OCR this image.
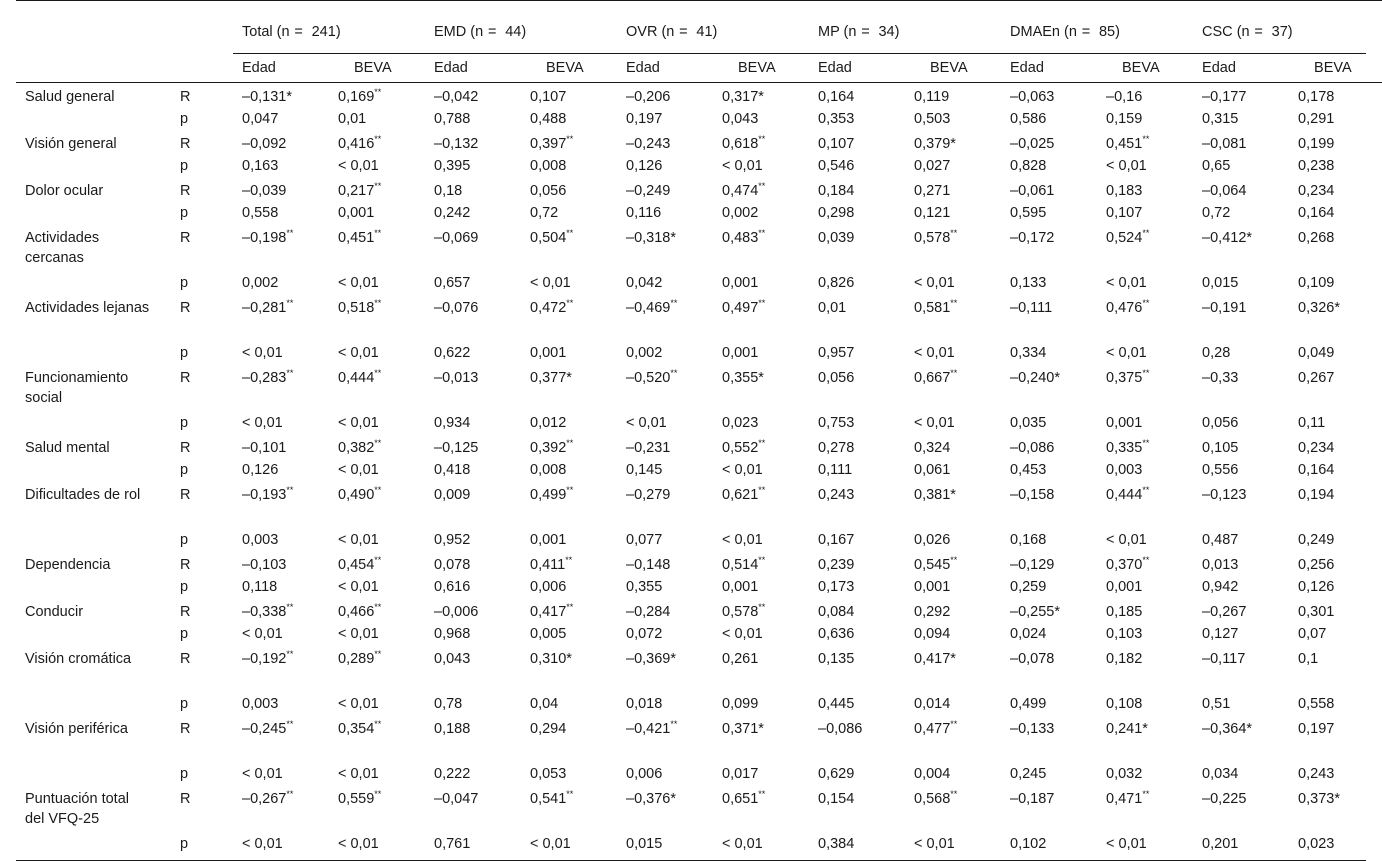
		Total (n = 241)		EMD (n = 44)		OVR (n = 41)		MP (n = 34)		DMAEn (n = 85)		CSC (n = 37)		
		Edad	BEVA	Edad	BEVA	Edad	BEVA	Edad	BEVA	Edad	BEVA	Edad	BEVA	

Salud general	R	–0,131*	0,169**	–0,042	0,107	–0,206	0,317*	0,164	0,119	–0,063	–0,16	–0,177	0,178	
	p	0,047	0,01	0,788	0,488	0,197	0,043	0,353	0,503	0,586	0,159	0,315	0,291	

Visión general	R	–0,092	0,416**	–0,132	0,397**	–0,243	0,618**	0,107	0,379*	–0,025	0,451**	–0,081	0,199	
	p	0,163	< 0,01	0,395	0,008	0,126	< 0,01	0,546	0,027	0,828	< 0,01	0,65	0,238	

Dolor ocular	R	–0,039	0,217**	0,18	0,056	–0,249	0,474**	0,184	0,271	–0,061	0,183	–0,064	0,234	
	p	0,558	0,001	0,242	0,72	0,116	0,002	0,298	0,121	0,595	0,107	0,72	0,164	

Actividades cercanas	R	–0,198**	0,451**	–0,069	0,504**	–0,318*	0,483**	0,039	0,578**	–0,172	0,524**	–0,412*	0,268	
	p	0,002	< 0,01	0,657	< 0,01	0,042	0,001	0,826	< 0,01	0,133	< 0,01	0,015	0,109	

Actividades lejanas	R	–0,281**	0,518**	–0,076	0,472**	–0,469**	0,497**	0,01	0,581**	–0,111	0,476**	–0,191	0,326*	
	p	< 0,01	< 0,01	0,622	0,001	0,002	0,001	0,957	< 0,01	0,334	< 0,01	0,28	0,049	

Funcionamiento social	R	–0,283**	0,444**	–0,013	0,377*	–0,520**	0,355*	0,056	0,667**	–0,240*	0,375**	–0,33	0,267	
	p	< 0,01	< 0,01	0,934	0,012	< 0,01	0,023	0,753	< 0,01	0,035	0,001	0,056	0,11	

Salud mental	R	–0,101	0,382**	–0,125	0,392**	–0,231	0,552**	0,278	0,324	–0,086	0,335**	0,105	0,234	
	p	0,126	< 0,01	0,418	0,008	0,145	< 0,01	0,111	0,061	0,453	0,003	0,556	0,164	

Dificultades de rol	R	–0,193**	0,490**	0,009	0,499**	–0,279	0,621**	0,243	0,381*	–0,158	0,444**	–0,123	0,194	
	p	0,003	< 0,01	0,952	0,001	0,077	< 0,01	0,167	0,026	0,168	< 0,01	0,487	0,249	

Dependencia	R	–0,103	0,454**	0,078	0,411**	–0,148	0,514**	0,239	0,545**	–0,129	0,370**	0,013	0,256	
	p	0,118	< 0,01	0,616	0,006	0,355	0,001	0,173	0,001	0,259	0,001	0,942	0,126	

Conducir	R	–0,338**	0,466**	–0,006	0,417**	–0,284	0,578**	0,084	0,292	–0,255*	0,185	–0,267	0,301	
	p	< 0,01	< 0,01	0,968	0,005	0,072	< 0,01	0,636	0,094	0,024	0,103	0,127	0,07	

Visión cromática	R	–0,192**	0,289**	0,043	0,310*	–0,369*	0,261	0,135	0,417*	–0,078	0,182	–0,117	0,1	
	p	0,003	< 0,01	0,78	0,04	0,018	0,099	0,445	0,014	0,499	0,108	0,51	0,558	

Visión periférica	R	–0,245**	0,354**	0,188	0,294	–0,421**	0,371*	–0,086	0,477**	–0,133	0,241*	–0,364*	0,197	
	p	< 0,01	< 0,01	0,222	0,053	0,006	0,017	0,629	0,004	0,245	0,032	0,034	0,243	

Puntuación total del VFQ-25	R	–0,267**	0,559**	–0,047	0,541**	–0,376*	0,651**	0,154	0,568**	–0,187	0,471**	–0,225	0,373*	
	p	< 0,01	< 0,01	0,761	< 0,01	0,015	< 0,01	0,384	< 0,01	0,102	< 0,01	0,201	0,023	
